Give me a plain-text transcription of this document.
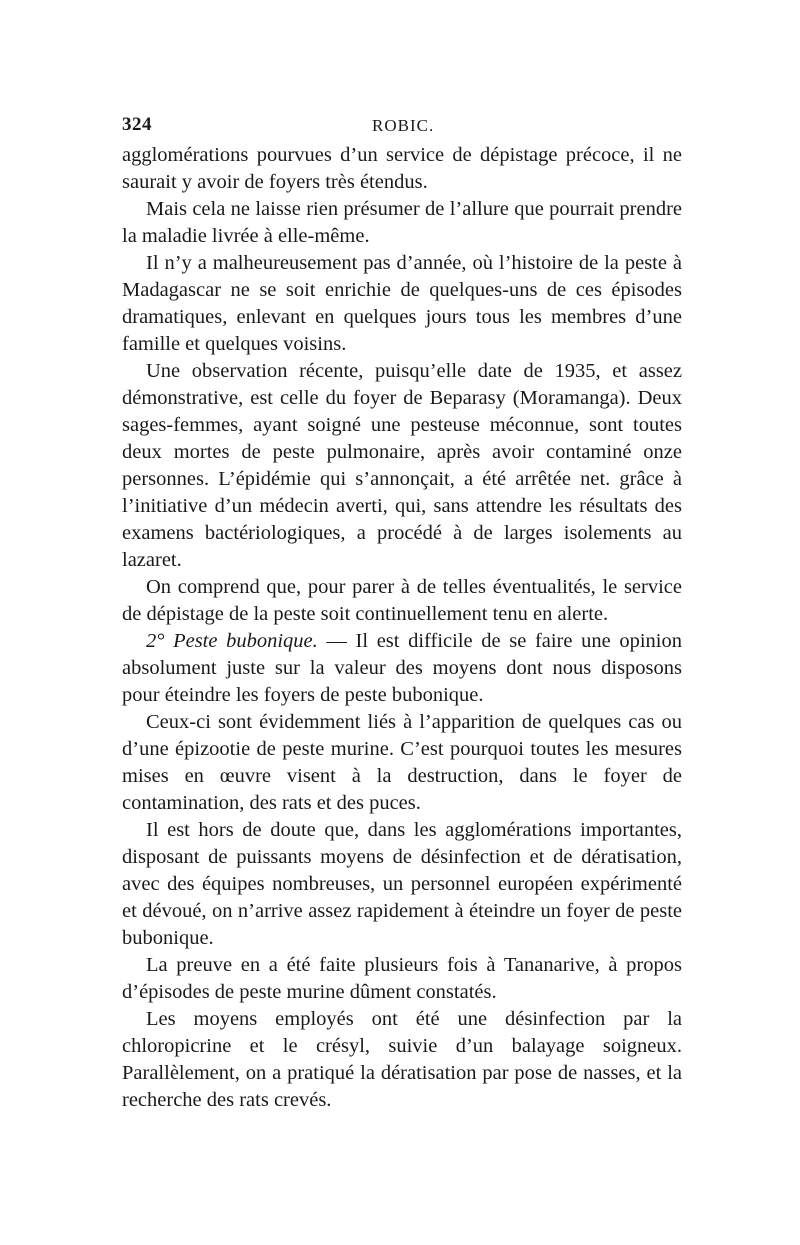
324	ROBIC.

agglomérations pourvues d’un service de dépistage précoce, il ne saurait y avoir de foyers très étendus.

Mais cela ne laisse rien présumer de l’allure que pourrait prendre la maladie livrée à elle-même.

Il n’y a malheureusement pas d’année, où l’histoire de la peste à Madagascar ne se soit enrichie de quelques-uns de ces épisodes dramatiques, enlevant en quelques jours tous les membres d’une famille et quelques voisins.

Une observation récente, puisqu’elle date de 1935, et assez démonstrative, est celle du foyer de Beparasy (Moramanga). Deux sages-femmes, ayant soigné une pesteuse méconnue, sont toutes deux mortes de peste pulmonaire, après avoir contaminé onze personnes. L’épidémie qui s’annonçait, a été arrêtée net. grâce à l’initiative d’un médecin averti, qui, sans attendre les résultats des examens bactériologiques, a procédé à de larges isolements au lazaret.

On comprend que, pour parer à de telles éventualités, le service de dépistage de la peste soit continuellement tenu en alerte.

2° Peste bubonique. — Il est difficile de se faire une opinion absolument juste sur la valeur des moyens dont nous disposons pour éteindre les foyers de peste bubonique.

Ceux-ci sont évidemment liés à l’apparition de quelques cas ou d’une épizootie de peste murine. C’est pourquoi toutes les mesures mises en œuvre visent à la destruction, dans le foyer de contamination, des rats et des puces.

Il est hors de doute que, dans les agglomérations importantes, disposant de puissants moyens de désinfection et de dératisation, avec des équipes nombreuses, un personnel européen expérimenté et dévoué, on n’arrive assez rapidement à éteindre un foyer de peste bubonique.

La preuve en a été faite plusieurs fois à Tananarive, à propos d’épisodes de peste murine dûment constatés.

Les moyens employés ont été une désinfection par la chloropicrine et le crésyl, suivie d’un balayage soigneux. Parallèlement, on a pratiqué la dératisation par pose de nasses, et la recherche des rats crevés.
